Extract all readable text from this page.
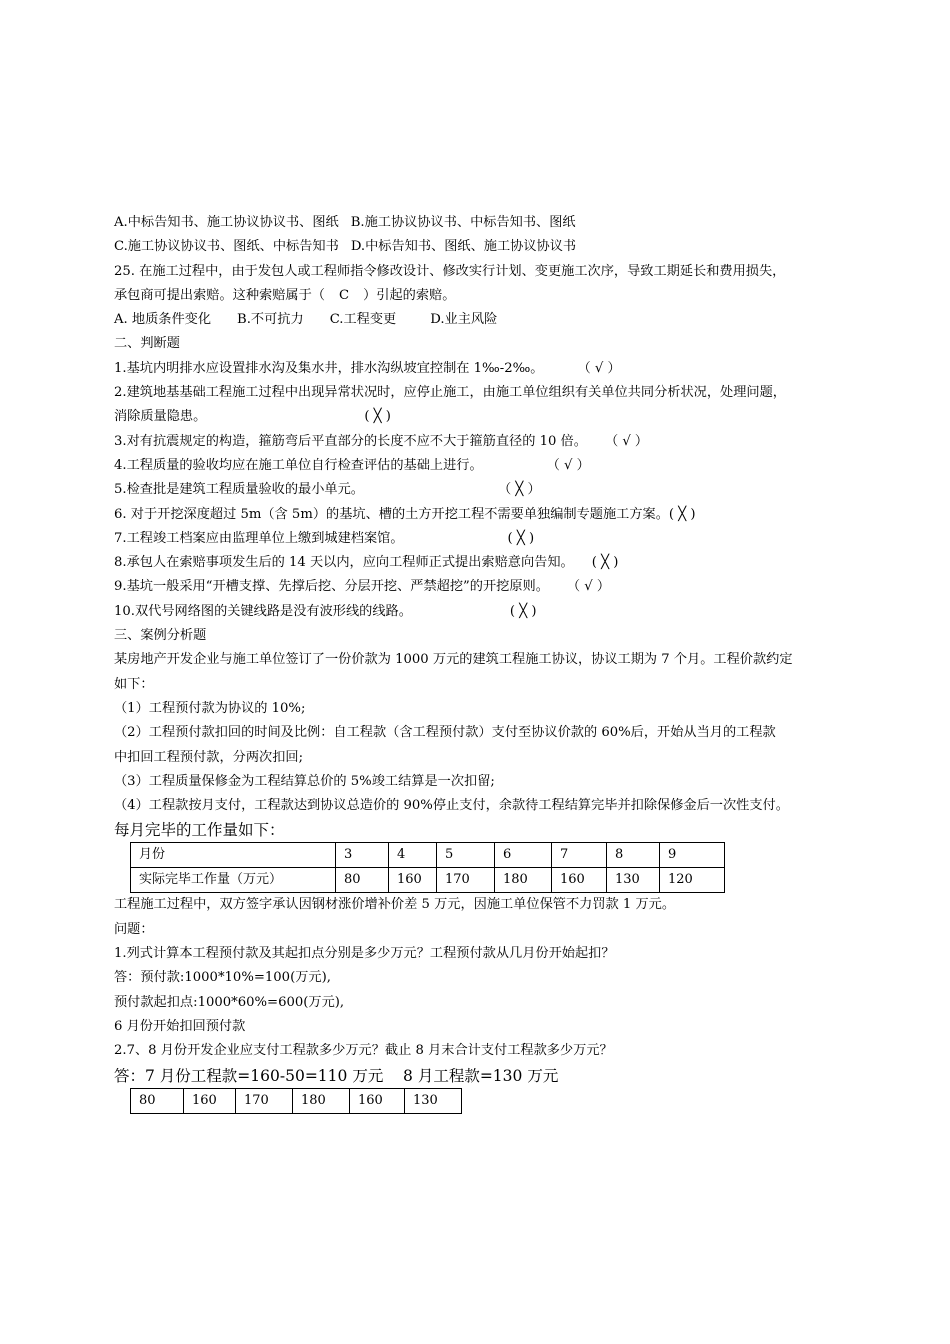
A.中标告知书、施工协议协议书、图纸 B.施工协议协议书、中标告知书、图纸
C.施工协议协议书、图纸、中标告知书 D.中标告知书、图纸、施工协议协议书
25. 在施工过程中，由于发包人或工程师指令修改设计、修改实行计划、变更施工次序，导致工期延长和费用损失，
承包商可提出索赔。这种索赔属于（ C ）引起的索赔。
A. 地质条件变化 B.不可抗力 C.工程变更	D.业主风险
二、判断题
1.基坑内明排水应设置排水沟及集水井，排水沟纵坡宜控制在 1‰-2‰。	（ √ ）
2.建筑地基基础工程施工过程中出现异常状况时，应停止施工，由施工单位组织有关单位共同分析状况，处理问题，
消除质量隐患。	( ╳ )
3.对有抗震规定的构造，箍筋弯后平直部分的长度不应不大于箍筋直径的 10 倍。 （ √ ）
4.工程质量的验收均应在施工单位自行检查评估的基础上进行。	（ √ ）
5.检查批是建筑工程质量验收的最小单元。	（ ╳ ）
6. 对于开挖深度超过 5m（含 5m）的基坑、槽的土方开挖工程不需要单独编制专题施工方案。( ╳ )
7.工程竣工档案应由监理单位上缴到城建档案馆。	( ╳ )
8.承包人在索赔事项发生后的 14 天以内，应向工程师正式提出索赔意向告知。 ( ╳ )
9.基坑一般采用“开槽支撑、先撑后挖、分层开挖、严禁超挖”的开挖原则。 （ √ ）
10.双代号网络图的关键线路是没有波形线的线路。	( ╳ )
三、案例分析题
某房地产开发企业与施工单位签订了一份价款为 1000 万元的建筑工程施工协议，协议工期为 7 个月。工程价款约定
如下：
（1）工程预付款为协议的 10%;
（2）工程预付款扣回的时间及比例：自工程款（含工程预付款）支付至协议价款的 60%后，开始从当月的工程款
中扣回工程预付款，分两次扣回;
（3）工程质量保修金为工程结算总价的 5%竣工结算是一次扣留;
（4）工程款按月支付，工程款达到协议总造价的 90%停止支付，余款待工程结算完毕并扣除保修金后一次性支付。
每月完毕的工作量如下：
月份	3	4	5	6	7	8	9
实际完毕工作量（万元）	80	160	170	180	160	130	120
工程施工过程中，双方签字承认因钢材涨价增补价差 5 万元，因施工单位保管不力罚款 1 万元。
问题：
1.列式计算本工程预付款及其起扣点分别是多少万元？工程预付款从几月份开始起扣？
答：预付款:1000*10%=100(万元),
预付款起扣点:1000*60%=600(万元),
6 月份开始扣回预付款
2.7、8 月份开发企业应支付工程款多少万元？截止 8 月末合计支付工程款多少万元？
答：7 月份工程款=160-50=110 万元    8 月工程款=130 万元
80	160	170	180	160	130
